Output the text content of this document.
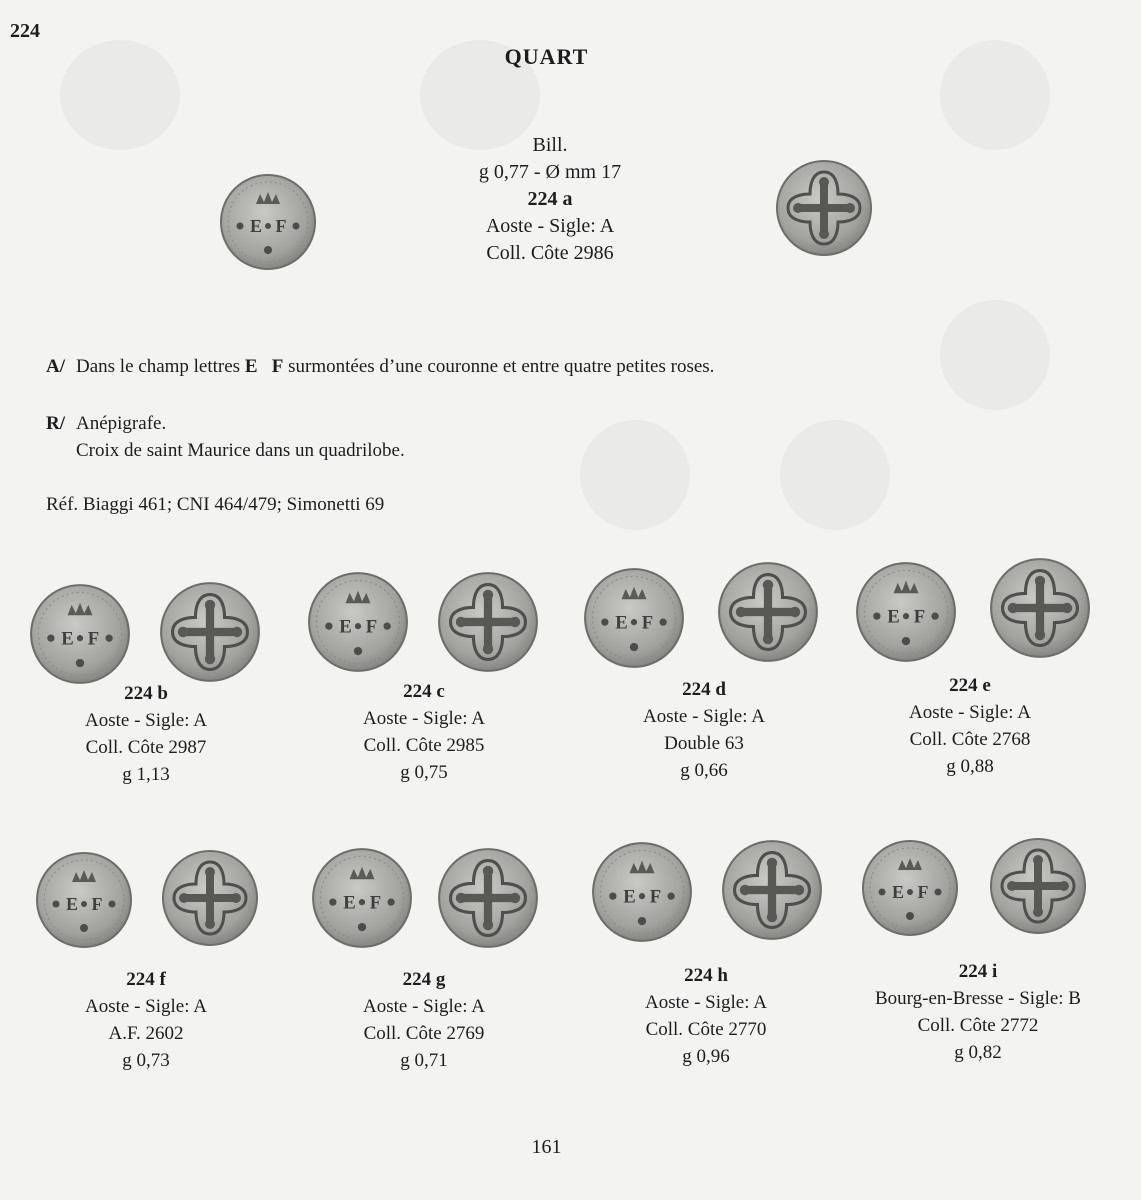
224
QUART
Bill.
g 0,77 - Ø mm 17
224 a
Aoste - Sigle: A
Coll. Côte 2986
A/ Dans le champ lettres E   F surmontées d’une couronne et entre quatre petites roses.
R/ Anépigrafe.
Croix de saint Maurice dans un quadrilobe.
Réf. Biaggi 461; CNI 464/479; Simonetti 69
224 b
Aoste - Sigle: A
Coll. Côte 2987
g 1,13
224 c
Aoste - Sigle: A
Coll. Côte 2985
g 0,75
224 d
Aoste - Sigle: A
Double 63
g 0,66
224 e
Aoste - Sigle: A
Coll. Côte 2768
g 0,88
224 f
Aoste - Sigle: A
A.F. 2602
g 0,73
224 g
Aoste - Sigle: A
Coll. Côte 2769
g 0,71
224 h
Aoste - Sigle: A
Coll. Côte 2770
g 0,96
224 i
Bourg-en-Bresse - Sigle: B
Coll. Côte 2772
g 0,82
161
